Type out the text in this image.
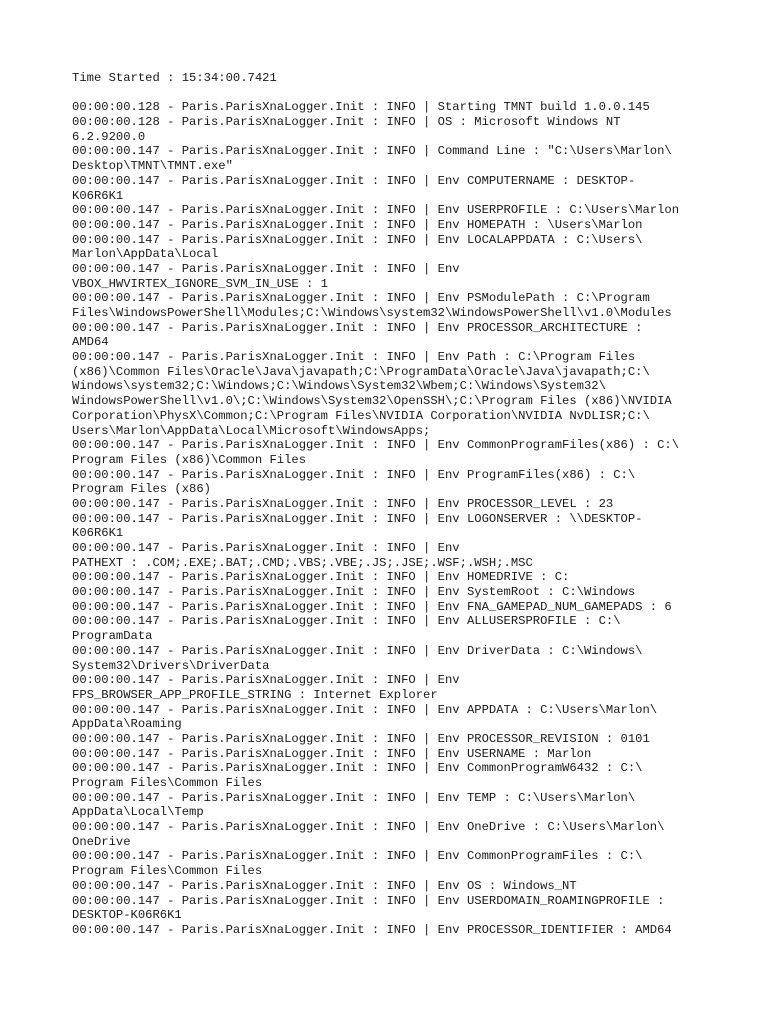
Time Started : 15:34:00.7421
00:00:00.128 - Paris.ParisXnaLogger.Init : INFO | Starting TMNT build 1.0.0.145
00:00:00.128 - Paris.ParisXnaLogger.Init : INFO | OS : Microsoft Windows NT
6.2.9200.0
00:00:00.147 - Paris.ParisXnaLogger.Init : INFO | Command Line : "C:\Users\Marlon\
Desktop\TMNT\TMNT.exe"
00:00:00.147 - Paris.ParisXnaLogger.Init : INFO | Env COMPUTERNAME : DESKTOP-
K06R6K1
00:00:00.147 - Paris.ParisXnaLogger.Init : INFO | Env USERPROFILE : C:\Users\Marlon
00:00:00.147 - Paris.ParisXnaLogger.Init : INFO | Env HOMEPATH : \Users\Marlon
00:00:00.147 - Paris.ParisXnaLogger.Init : INFO | Env LOCALAPPDATA : C:\Users\
Marlon\AppData\Local
00:00:00.147 - Paris.ParisXnaLogger.Init : INFO | Env
VBOX_HWVIRTEX_IGNORE_SVM_IN_USE : 1
00:00:00.147 - Paris.ParisXnaLogger.Init : INFO | Env PSModulePath : C:\Program
Files\WindowsPowerShell\Modules;C:\Windows\system32\WindowsPowerShell\v1.0\Modules
00:00:00.147 - Paris.ParisXnaLogger.Init : INFO | Env PROCESSOR_ARCHITECTURE :
AMD64
00:00:00.147 - Paris.ParisXnaLogger.Init : INFO | Env Path : C:\Program Files
(x86)\Common Files\Oracle\Java\javapath;C:\ProgramData\Oracle\Java\javapath;C:\
Windows\system32;C:\Windows;C:\Windows\System32\Wbem;C:\Windows\System32\
WindowsPowerShell\v1.0\;C:\Windows\System32\OpenSSH\;C:\Program Files (x86)\NVIDIA
Corporation\PhysX\Common;C:\Program Files\NVIDIA Corporation\NVIDIA NvDLISR;C:\
Users\Marlon\AppData\Local\Microsoft\WindowsApps;
00:00:00.147 - Paris.ParisXnaLogger.Init : INFO | Env CommonProgramFiles(x86) : C:\
Program Files (x86)\Common Files
00:00:00.147 - Paris.ParisXnaLogger.Init : INFO | Env ProgramFiles(x86) : C:\
Program Files (x86)
00:00:00.147 - Paris.ParisXnaLogger.Init : INFO | Env PROCESSOR_LEVEL : 23
00:00:00.147 - Paris.ParisXnaLogger.Init : INFO | Env LOGONSERVER : \\DESKTOP-
K06R6K1
00:00:00.147 - Paris.ParisXnaLogger.Init : INFO | Env
PATHEXT : .COM;.EXE;.BAT;.CMD;.VBS;.VBE;.JS;.JSE;.WSF;.WSH;.MSC
00:00:00.147 - Paris.ParisXnaLogger.Init : INFO | Env HOMEDRIVE : C:
00:00:00.147 - Paris.ParisXnaLogger.Init : INFO | Env SystemRoot : C:\Windows
00:00:00.147 - Paris.ParisXnaLogger.Init : INFO | Env FNA_GAMEPAD_NUM_GAMEPADS : 6
00:00:00.147 - Paris.ParisXnaLogger.Init : INFO | Env ALLUSERSPROFILE : C:\
ProgramData
00:00:00.147 - Paris.ParisXnaLogger.Init : INFO | Env DriverData : C:\Windows\
System32\Drivers\DriverData
00:00:00.147 - Paris.ParisXnaLogger.Init : INFO | Env
FPS_BROWSER_APP_PROFILE_STRING : Internet Explorer
00:00:00.147 - Paris.ParisXnaLogger.Init : INFO | Env APPDATA : C:\Users\Marlon\
AppData\Roaming
00:00:00.147 - Paris.ParisXnaLogger.Init : INFO | Env PROCESSOR_REVISION : 0101
00:00:00.147 - Paris.ParisXnaLogger.Init : INFO | Env USERNAME : Marlon
00:00:00.147 - Paris.ParisXnaLogger.Init : INFO | Env CommonProgramW6432 : C:\
Program Files\Common Files
00:00:00.147 - Paris.ParisXnaLogger.Init : INFO | Env TEMP : C:\Users\Marlon\
AppData\Local\Temp
00:00:00.147 - Paris.ParisXnaLogger.Init : INFO | Env OneDrive : C:\Users\Marlon\
OneDrive
00:00:00.147 - Paris.ParisXnaLogger.Init : INFO | Env CommonProgramFiles : C:\
Program Files\Common Files
00:00:00.147 - Paris.ParisXnaLogger.Init : INFO | Env OS : Windows_NT
00:00:00.147 - Paris.ParisXnaLogger.Init : INFO | Env USERDOMAIN_ROAMINGPROFILE :
DESKTOP-K06R6K1
00:00:00.147 - Paris.ParisXnaLogger.Init : INFO | Env PROCESSOR_IDENTIFIER : AMD64
